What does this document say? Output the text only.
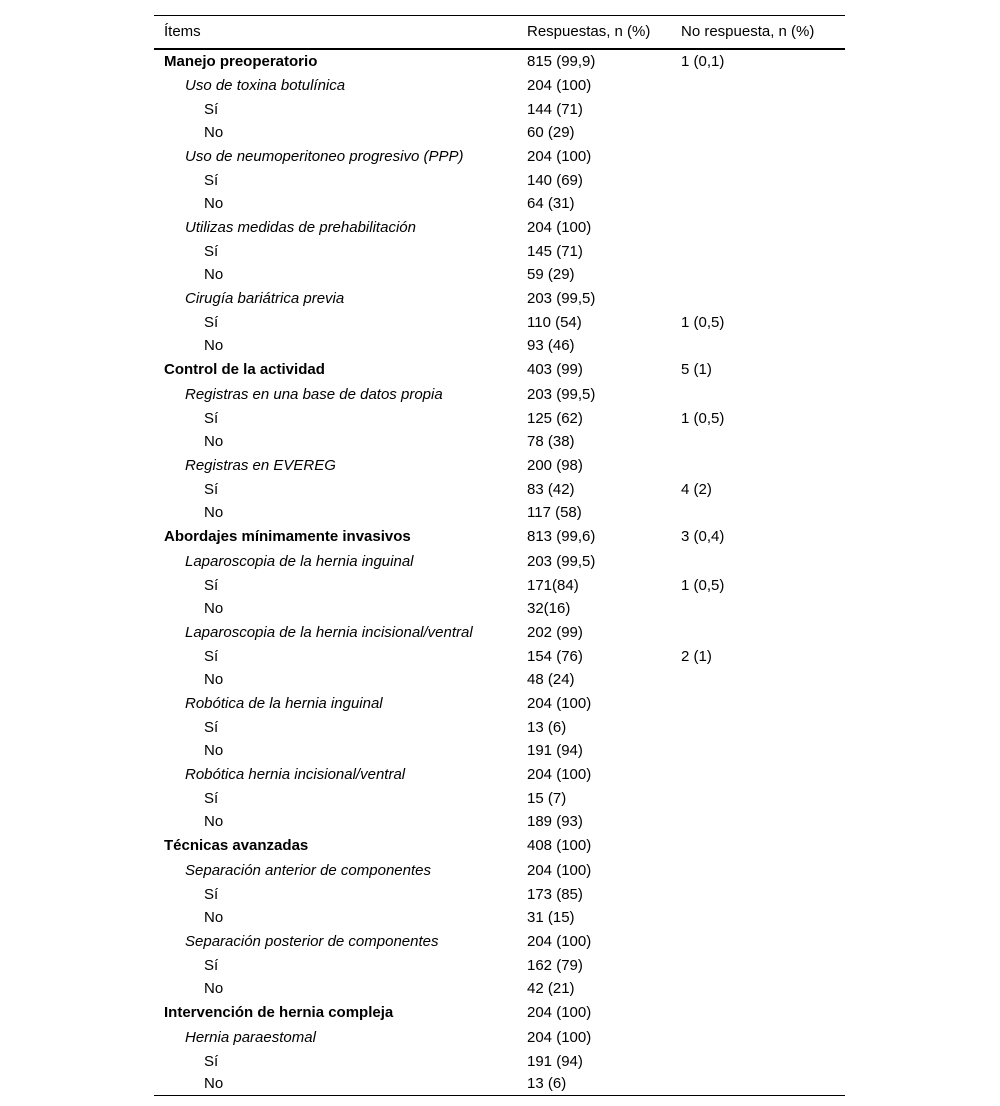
Ítems	Respuestas, n (%)	No respuesta, n (%)
Manejo preoperatorio	815 (99,9)	1 (0,1)
Uso de toxina botulínica	204 (100)	
Sí	144 (71)	
No	60 (29)	
Uso de neumoperitoneo progresivo (PPP)	204 (100)	
Sí	140 (69)	
No	64 (31)	
Utilizas medidas de prehabilitación	204 (100)	
Sí	145 (71)	
No	59 (29)	
Cirugía bariátrica previa	203 (99,5)	
Sí	110 (54)	1 (0,5)
No	93 (46)	
Control de la actividad	403 (99)	5 (1)
Registras en una base de datos propia	203 (99,5)	
Sí	125 (62)	1 (0,5)
No	78 (38)	
Registras en EVEREG	200 (98)	
Sí	83 (42)	4 (2)
No	117 (58)	
Abordajes mínimamente invasivos	813 (99,6)	3 (0,4)
Laparoscopia de la hernia inguinal	203 (99,5)	
Sí	171(84)	1 (0,5)
No	32(16)	
Laparoscopia de la hernia incisional/ventral	202 (99)	
Sí	154 (76)	2 (1)
No	48 (24)	
Robótica de la hernia inguinal	204 (100)	
Sí	13 (6)	
No	191 (94)	
Robótica hernia incisional/ventral	204 (100)	
Sí	15 (7)	
No	189 (93)	
Técnicas avanzadas	408 (100)	
Separación anterior de componentes	204 (100)	
Sí	173 (85)	
No	31 (15)	
Separación posterior de componentes	204 (100)	
Sí	162 (79)	
No	42 (21)	
Intervención de hernia compleja	204 (100)	
Hernia paraestomal	204 (100)	
Sí	191 (94)	
No	13 (6)	
